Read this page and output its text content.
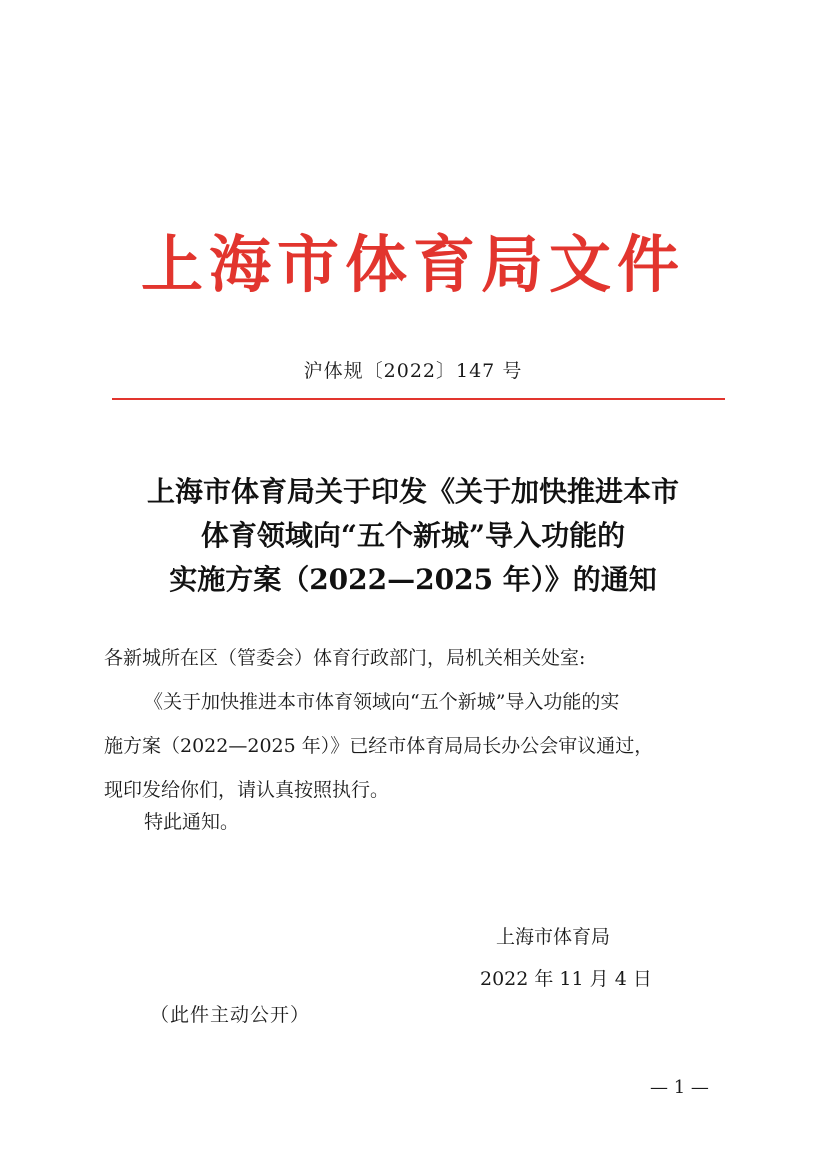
上海市体育局文件
沪体规〔2022〕147 号
上海市体育局关于印发《关于加快推进本市
体育领域向“五个新城”导入功能的
实施方案（2022—2025 年）》的通知
各新城所在区（管委会）体育行政部门，局机关相关处室:
《关于加快推进本市体育领域向“五个新城”导入功能的实
施方案（2022—2025 年）》已经市体育局局长办公会审议通过，
现印发给你们，请认真按照执行。
特此通知。
上海市体育局
2022 年 11 月 4 日
（此件主动公开）
— 1 —
